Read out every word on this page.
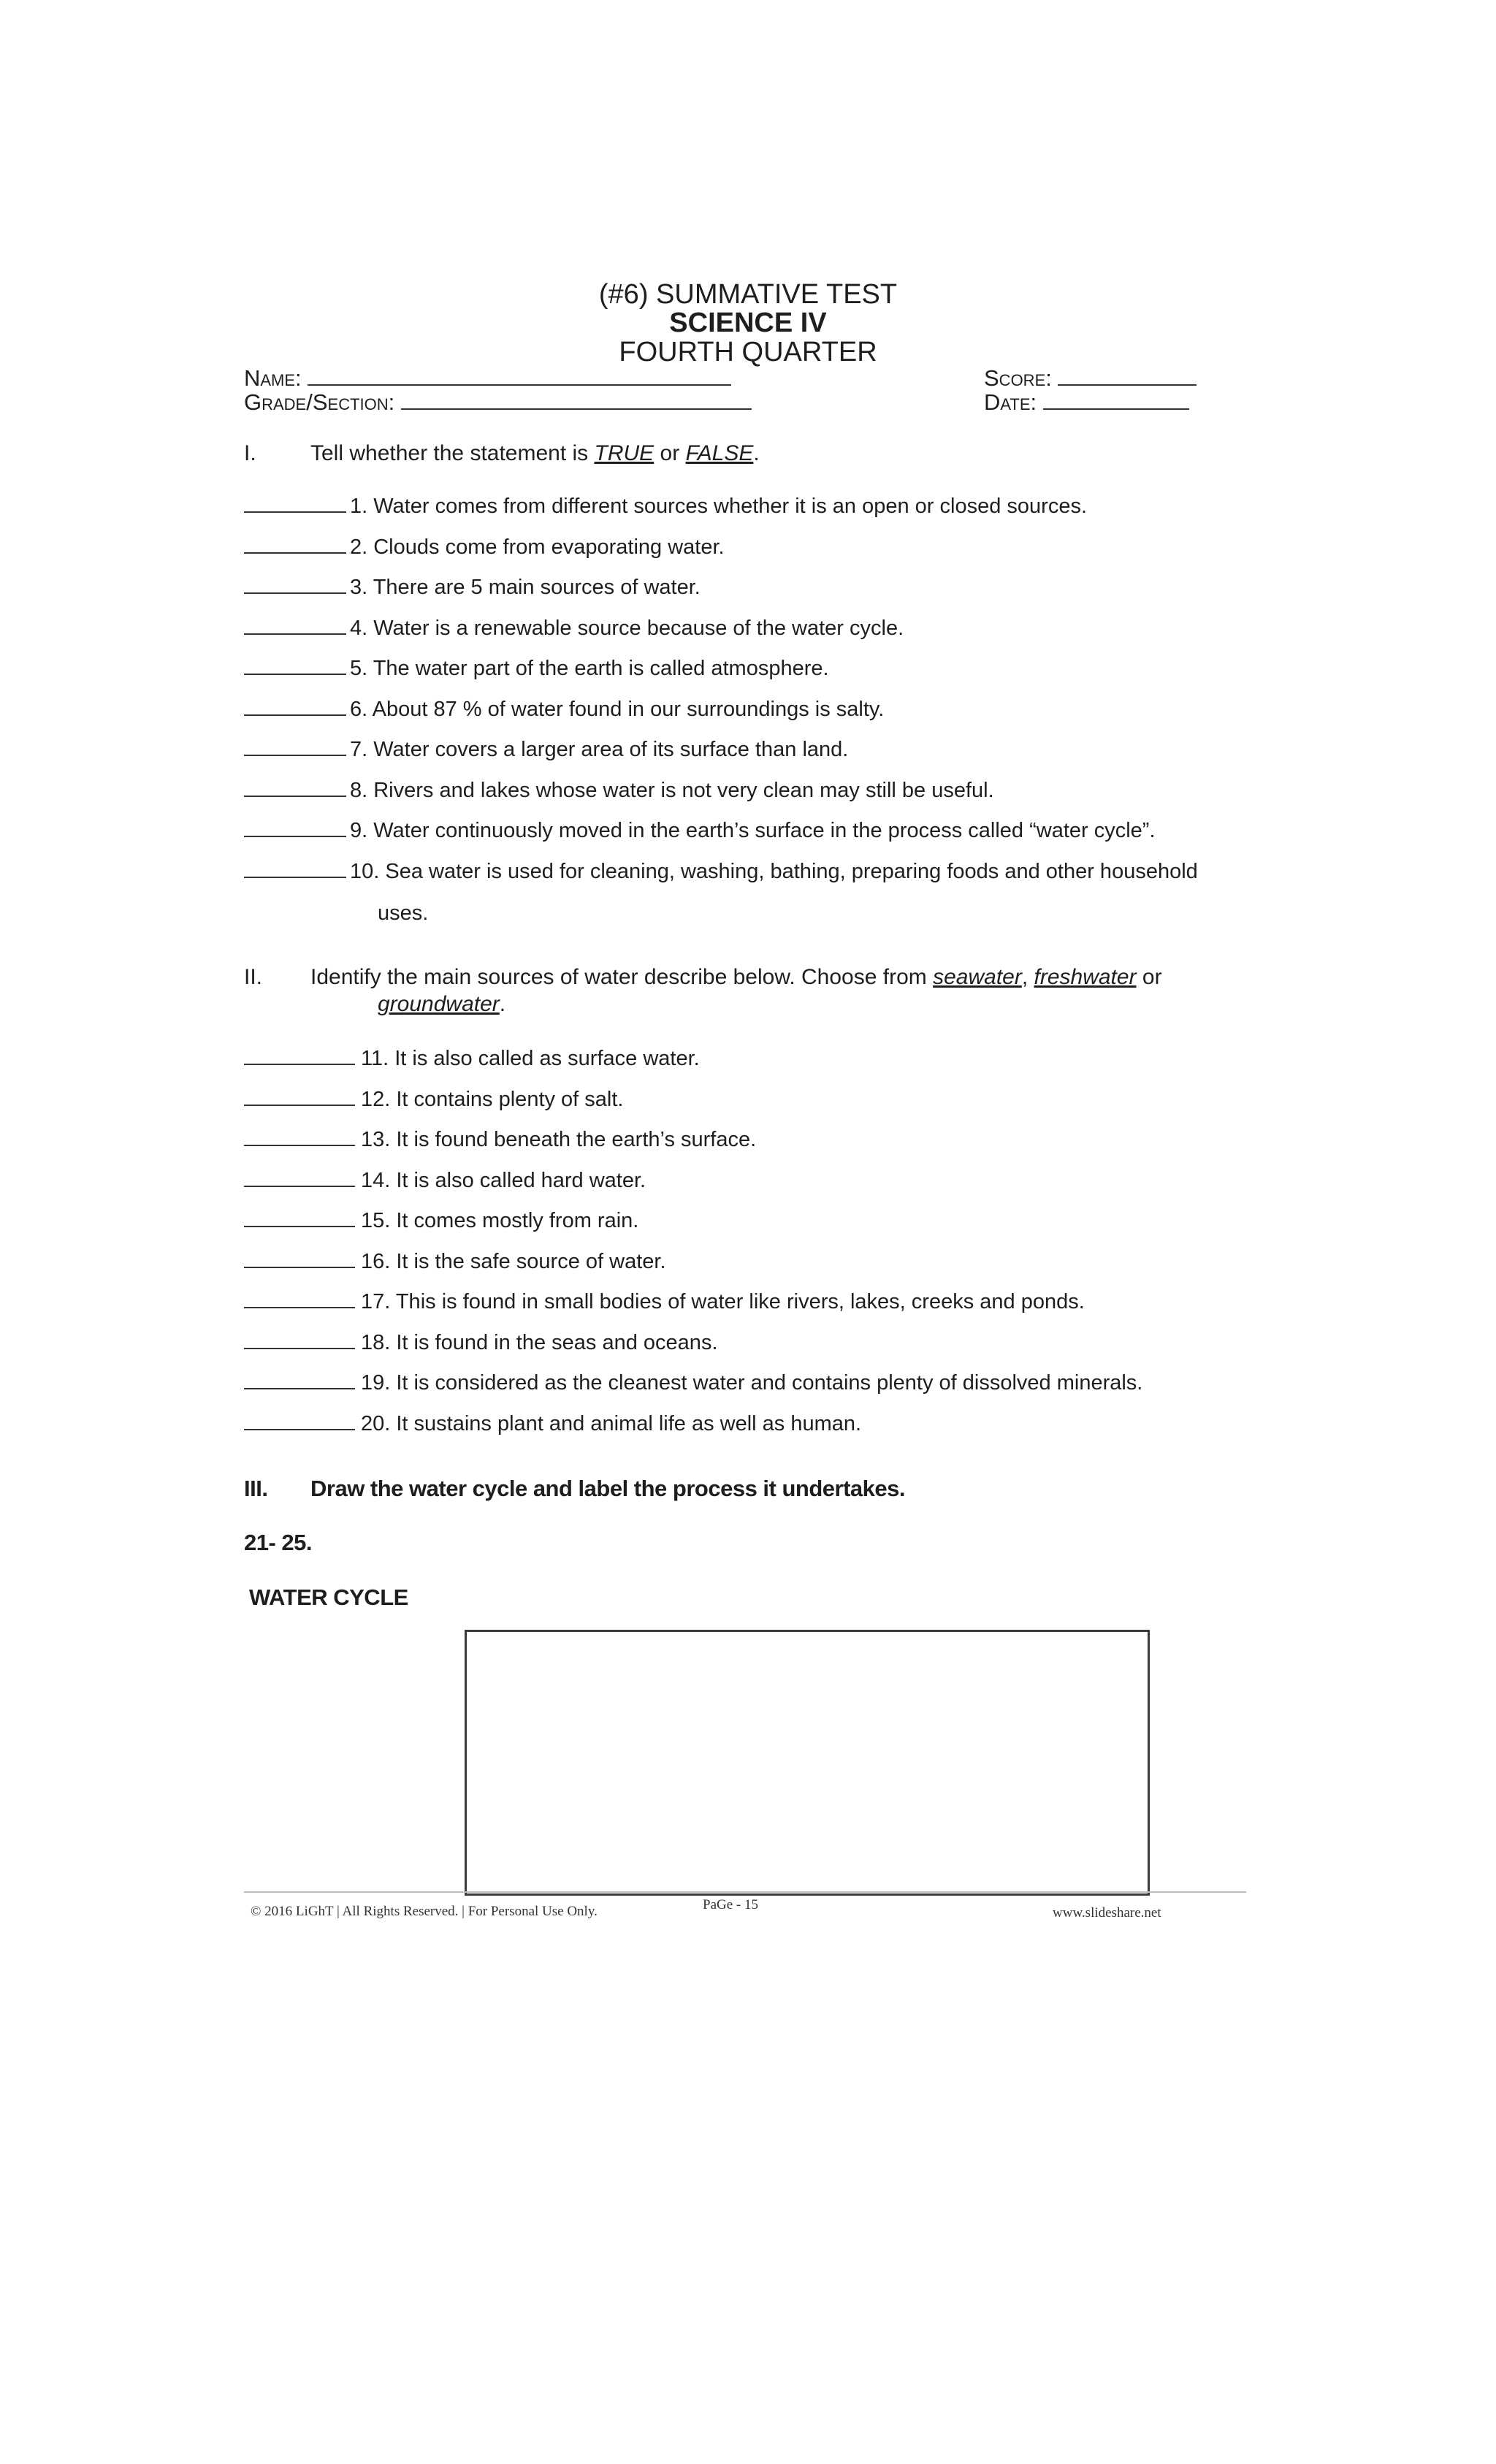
(#6) SUMMATIVE TEST
SCIENCE IV
FOURTH QUARTER
Name:
Grade/Section:
Score:
Date:
I. Tell whether the statement is TRUE or FALSE.
1. Water comes from different sources whether it is an open or closed sources.
2. Clouds come from evaporating water.
3. There are 5 main sources of water.
4. Water is a renewable source because of the water cycle.
5. The water part of the earth is called atmosphere.
6. About 87 % of water found in our surroundings is salty.
7. Water covers a larger area of its surface than land.
8. Rivers and lakes whose water is not very clean may still be useful.
9. Water continuously moved in the earth’s surface in the process called “water cycle”.
10. Sea water is used for cleaning, washing, bathing, preparing foods and other household
uses.
II. Identify the main sources of water describe below. Choose from seawater, freshwater or
groundwater.
11. It is also called as surface water.
12. It contains plenty of salt.
13. It is found beneath the earth’s surface.
14. It is also called hard water.
15. It comes mostly from rain.
16. It is the safe source of water.
17. This is found in small bodies of water like rivers, lakes, creeks and ponds.
18. It is found in the seas and oceans.
19. It is considered as the cleanest water and contains plenty of dissolved minerals.
20. It sustains plant and animal life as well as human.
III. Draw the water cycle and label the process it undertakes.
21- 25.
WATER CYCLE
© 2016 LiGhT | All Rights Reserved. | For Personal Use Only.	PaGe - 15
www.slideshare.net
